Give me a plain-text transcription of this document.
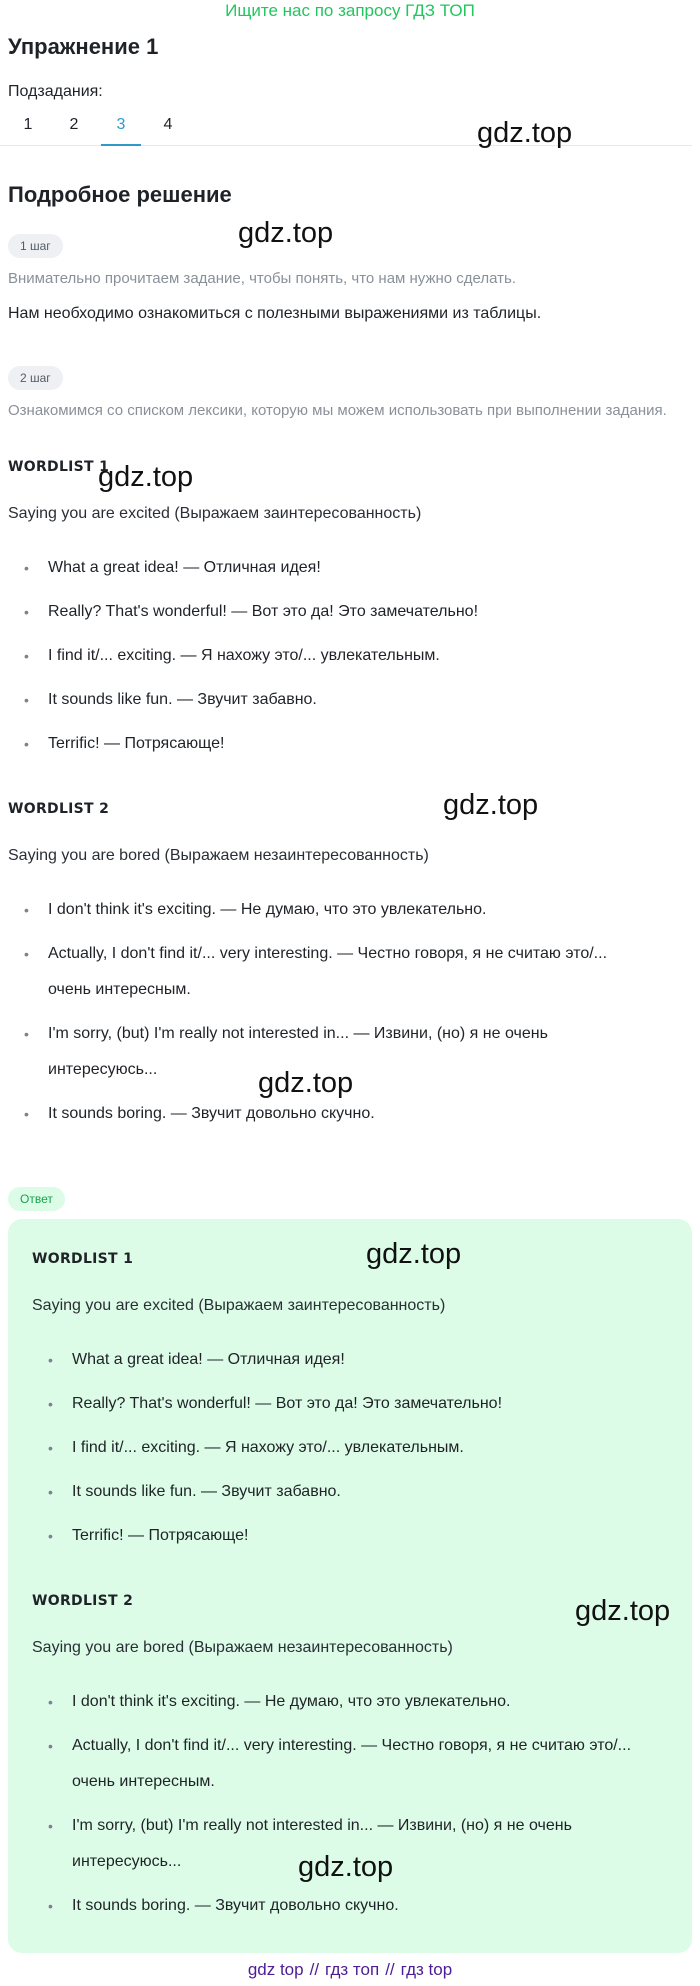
Ищите нас по запросу ГДЗ ТОП
Упражнение 1
Подзадания:
1	2	3	4
Подробное решение
1 шаг
Внимательно прочитаем задание, чтобы понять, что нам нужно сделать.
Нам необходимо ознакомиться с полезными выражениями из таблицы.
2 шаг
Ознакомимся со списком лексики, которую мы можем использовать при выполнении задания.
WORDLIST 1
Saying you are excited (Выражаем заинтересованность)
• What a great idea! — Отличная идея!
• Really? That's wonderful! — Вот это да! Это замечательно!
• I find it/... exciting. — Я нахожу это/... увлекательным.
• It sounds like fun. — Звучит забавно.
• Terrific! — Потрясающе!
WORDLIST 2
Saying you are bored (Выражаем незаинтересованность)
• I don't think it's exciting. — Не думаю, что это увлекательно.
• Actually, I don't find it/... very interesting. — Честно говоря, я не считаю это/... очень интересным.
• I'm sorry, (but) I'm really not interested in... — Извини, (но) я не очень интересуюсь...
• It sounds boring. — Звучит довольно скучно.
Ответ
WORDLIST 1
Saying you are excited (Выражаем заинтересованность)
• What a great idea! — Отличная идея!
• Really? That's wonderful! — Вот это да! Это замечательно!
• I find it/... exciting. — Я нахожу это/... увлекательным.
• It sounds like fun. — Звучит забавно.
• Terrific! — Потрясающе!
WORDLIST 2
Saying you are bored (Выражаем незаинтересованность)
• I don't think it's exciting. — Не думаю, что это увлекательно.
• Actually, I don't find it/... very interesting. — Честно говоря, я не считаю это/... очень интересным.
• I'm sorry, (but) I'm really not interested in... — Извини, (но) я не очень интересуюсь...
• It sounds boring. — Звучит довольно скучно.
gdz.top
gdz.top
gdz.top
gdz.top
gdz.top
gdz.top
gdz.top
gdz.top
gdz top // гдз топ // гдз top
